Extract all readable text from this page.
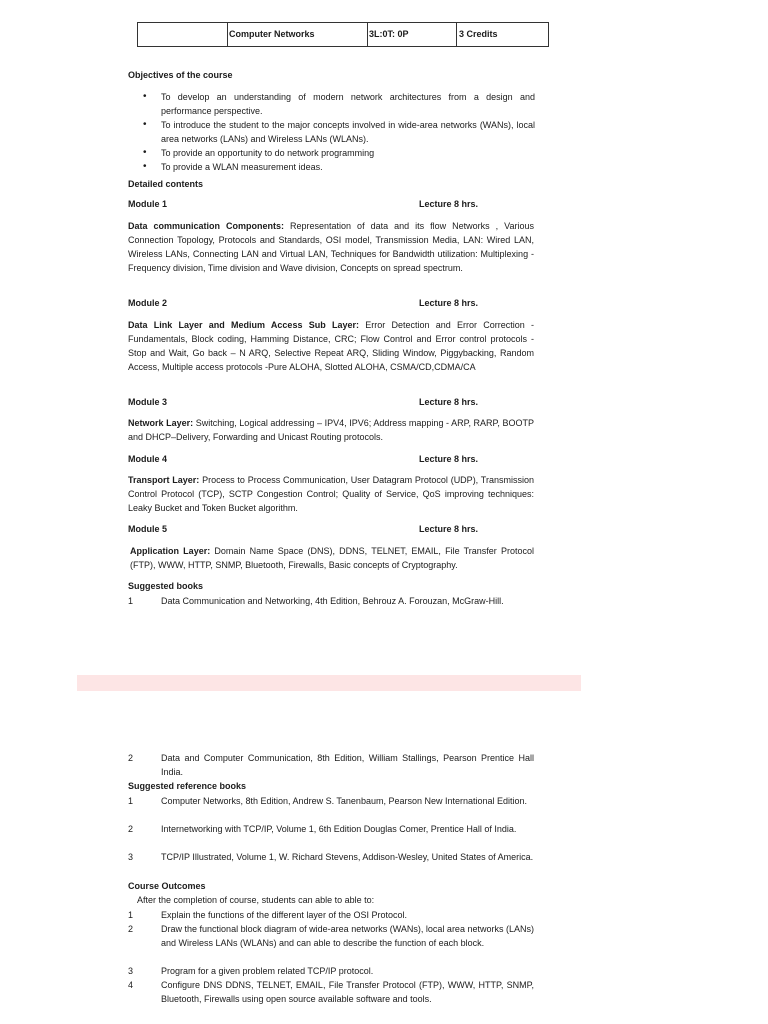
Computer Networks	3L:0T: 0P	3 Credits
Objectives of the course
• To develop an understanding of modern network architectures from a design and performance perspective.
• To introduce the student to the major concepts involved in wide-area networks (WANs), local area networks (LANs) and Wireless LANs (WLANs).
• To provide an opportunity to do network programming
• To provide a WLAN measurement ideas.
Detailed contents
Module 1	Lecture 8 hrs.
Data communication Components: Representation of data and its flow Networks , Various Connection Topology, Protocols and Standards, OSI model, Transmission Media, LAN: Wired LAN, Wireless LANs, Connecting LAN and Virtual LAN, Techniques for Bandwidth utilization: Multiplexing - Frequency division, Time division and Wave division, Concepts on spread spectrum.
Module 2	Lecture 8 hrs.
Data Link Layer and Medium Access Sub Layer: Error Detection and Error Correction - Fundamentals, Block coding, Hamming Distance, CRC; Flow Control and Error control protocols - Stop and Wait, Go back – N ARQ, Selective Repeat ARQ, Sliding Window, Piggybacking, Random Access, Multiple access protocols -Pure ALOHA, Slotted ALOHA, CSMA/CD,CDMA/CA
Module 3	Lecture 8 hrs.
Network Layer: Switching, Logical addressing – IPV4, IPV6; Address mapping - ARP, RARP, BOOTP and DHCP–Delivery, Forwarding and Unicast Routing protocols.
Module 4	Lecture 8 hrs.
Transport Layer: Process to Process Communication, User Datagram Protocol (UDP), Transmission Control Protocol (TCP), SCTP Congestion Control; Quality of Service, QoS improving techniques: Leaky Bucket and Token Bucket algorithm.
Module 5	Lecture 8 hrs.
Application Layer: Domain Name Space (DNS), DDNS, TELNET, EMAIL, File Transfer Protocol (FTP), WWW, HTTP, SNMP, Bluetooth, Firewalls, Basic concepts of Cryptography.
Suggested books
1	Data Communication and Networking, 4th Edition, Behrouz A. Forouzan, McGraw-Hill.
2	Data and Computer Communication, 8th Edition, William Stallings, Pearson Prentice Hall India.
Suggested reference books
1	Computer Networks, 8th Edition, Andrew S. Tanenbaum, Pearson New International Edition.
2	Internetworking with TCP/IP, Volume 1, 6th Edition Douglas Comer, Prentice Hall of India.
3	TCP/IP Illustrated, Volume 1, W. Richard Stevens, Addison-Wesley, United States of America.
Course Outcomes
After the completion of course, students can able to able to:
1	Explain the functions of the different layer of the OSI Protocol.
2	Draw the functional block diagram of wide-area networks (WANs), local area networks (LANs) and Wireless LANs (WLANs) and can able to describe the function of each block.
3	Program for a given problem related TCP/IP protocol.
4	Configure DNS DDNS, TELNET, EMAIL, File Transfer Protocol (FTP), WWW, HTTP, SNMP, Bluetooth, Firewalls using open source available software and tools.
